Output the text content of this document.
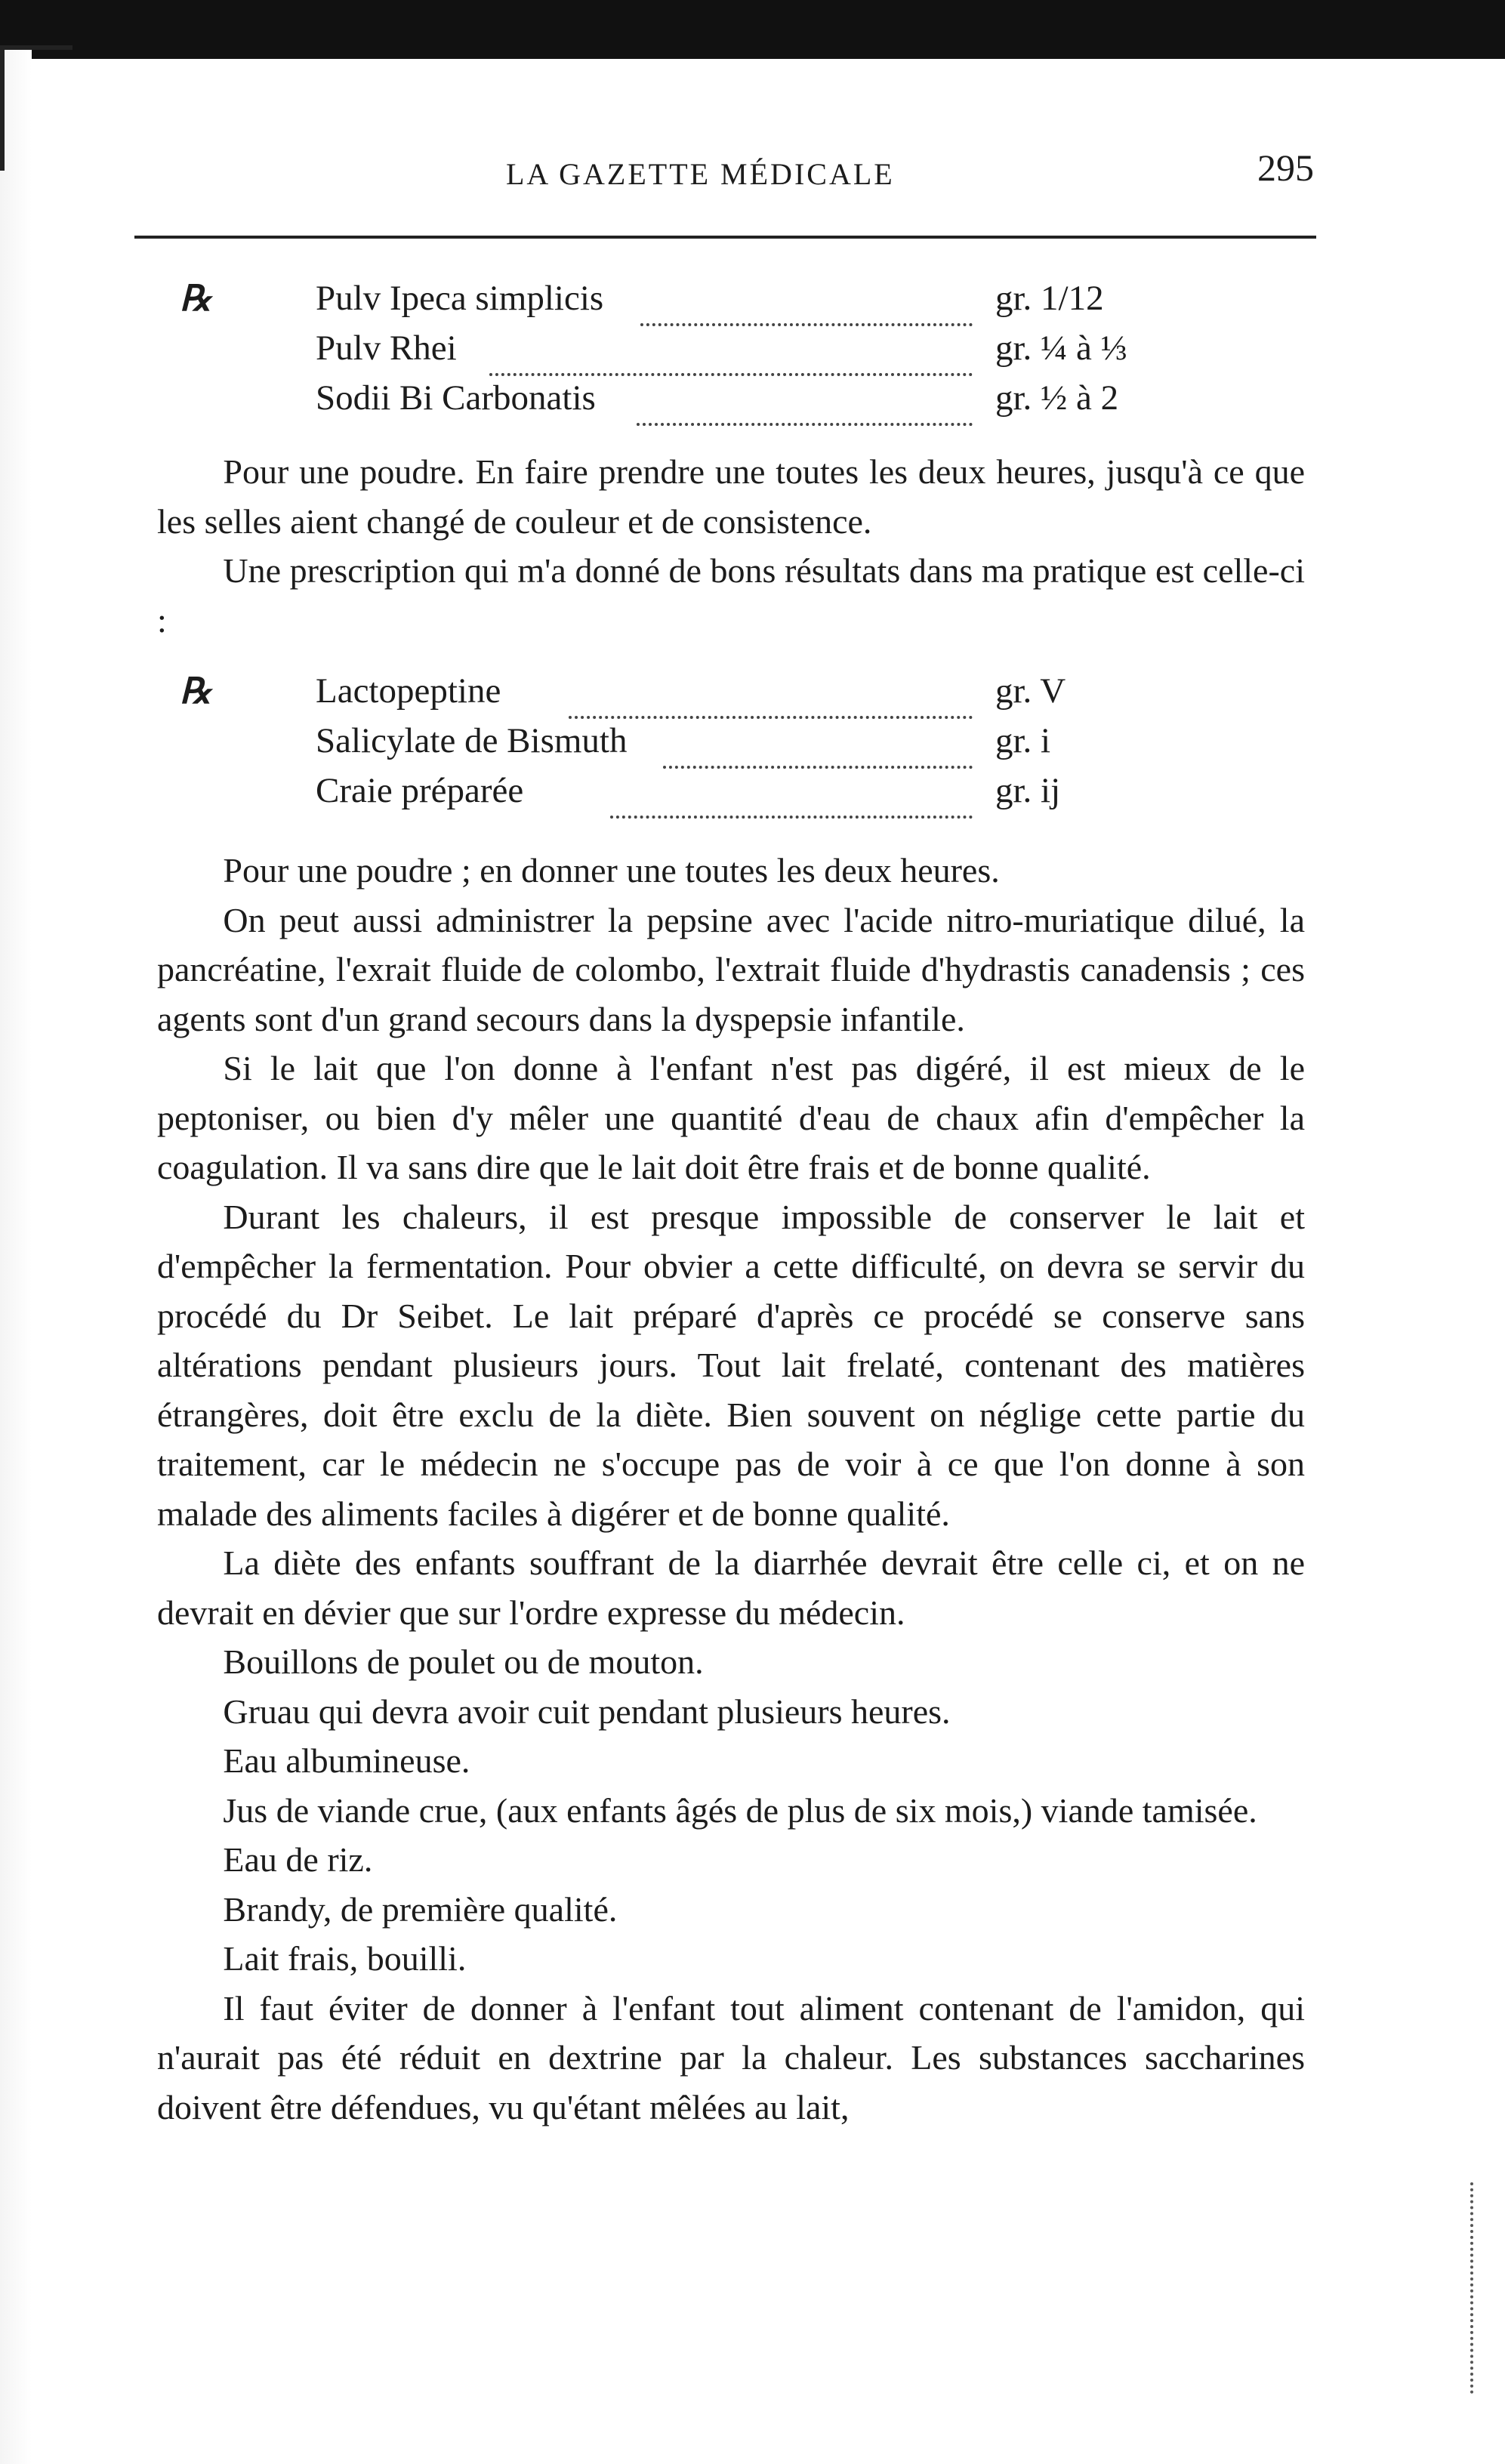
LA GAZETTE MÉDICALE	295
℞	Pulv Ipeca simplicis	gr. 1/12
Pulv Rhei	gr. ¼ à ⅓
Sodii Bi Carbonatis	gr. ½ à 2

Pour une poudre. En faire prendre une toutes les deux heures, jusqu'à ce que les selles aient changé de couleur et de consistence.

Une prescription qui m'a donné de bons résultats dans ma pratique est celle-ci :

℞	Lactopeptine	gr. V
Salicylate de Bismuth	gr. i
Craie préparée	gr. ij

Pour une poudre ; en donner une toutes les deux heures.

On peut aussi administrer la pepsine avec l'acide nitro-muriatique dilué, la pancréatine, l'exrait fluide de colombo, l'extrait fluide d'hydrastis canadensis ; ces agents sont d'un grand secours dans la dyspepsie infantile.

Si le lait que l'on donne à l'enfant n'est pas digéré, il est mieux de le peptoniser, ou bien d'y mêler une quantité d'eau de chaux afin d'empêcher la coagulation. Il va sans dire que le lait doit être frais et de bonne qualité.

Durant les chaleurs, il est presque impossible de conserver le lait et d'empêcher la fermentation. Pour obvier a cette difficulté, on devra se servir du procédé du Dr Seibet. Le lait préparé d'après ce procédé se conserve sans altérations pendant plusieurs jours. Tout lait frelaté, contenant des matières étrangères, doit être exclu de la diète. Bien souvent on néglige cette partie du traitement, car le médecin ne s'occupe pas de voir à ce que l'on donne à son malade des aliments faciles à digérer et de bonne qualité.

La diète des enfants souffrant de la diarrhée devrait être celle ci, et on ne devrait en dévier que sur l'ordre expresse du médecin.

Bouillons de poulet ou de mouton.

Gruau qui devra avoir cuit pendant plusieurs heures.

Eau albumineuse.

Jus de viande crue, (aux enfants âgés de plus de six mois,) viande tamisée.

Eau de riz.

Brandy, de première qualité.

Lait frais, bouilli.

Il faut éviter de donner à l'enfant tout aliment contenant de l'amidon, qui n'aurait pas été réduit en dextrine par la chaleur. Les substances saccharines doivent être défendues, vu qu'étant mêlées au lait,
